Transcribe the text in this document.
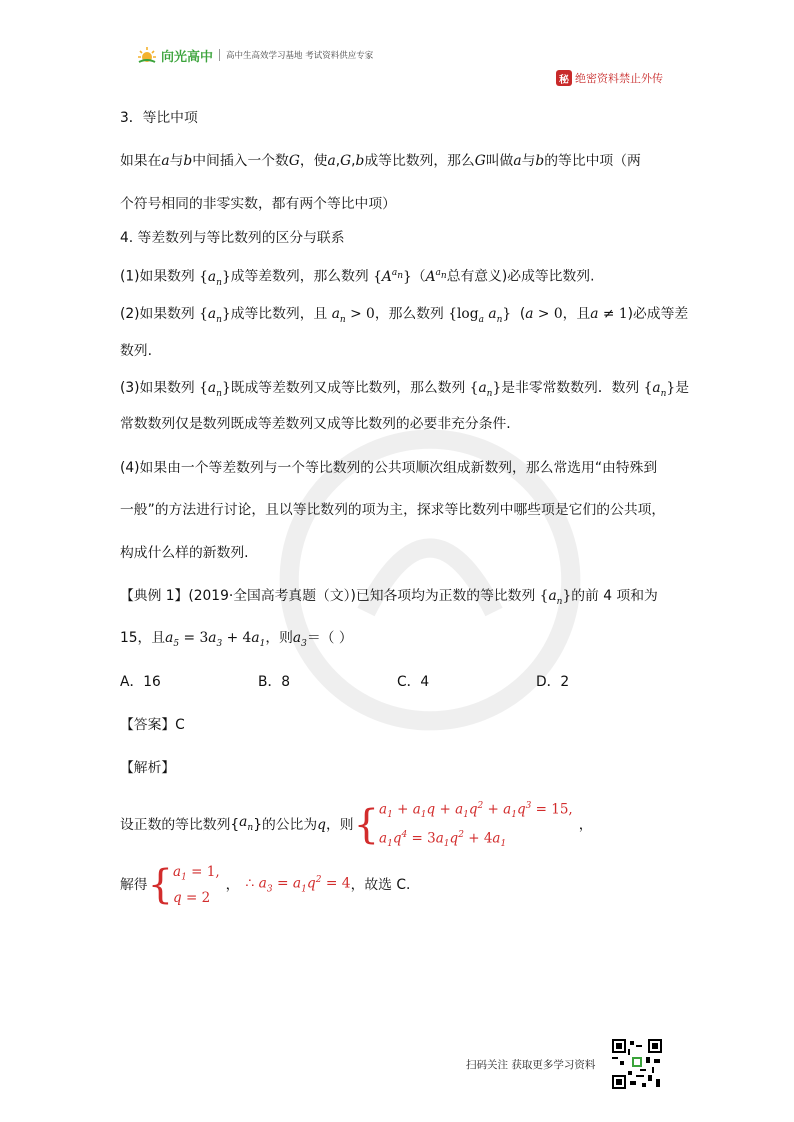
向光高中 高中生高效学习基地 考试资料供应专家
秘 绝密资料禁止外传
3．等比中项
如果在a与b中间插入一个数G，使a,G,b成等比数列，那么G叫做a与b的等比中项（两
个符号相同的非零实数，都有两个等比中项）
4. 等差数列与等比数列的区分与联系
(1)如果数列 $\{a_n\}$成等差数列，那么数列 $\{A^{a_n}\}(A^{a_n}$总有意义)必成等比数列.
(2)如果数列 $\{a_n\}$成等比数列，且 $a_n > 0$，那么数列 {$\log_a$ $a_n$}  (a > 0，且a ≠ 1)必成等差
数列.
(3)如果数列 $\{a_n\}$既成等差数列又成等比数列，那么数列 $\{a_n\}$是非零常数数列．数列 $\{a_n\}$是
常数数列仅是数列既成等差数列又成等比数列的必要非充分条件.
(4)如果由一个等差数列与一个等比数列的公共项顺次组成新数列，那么常选用“由特殊到
一般”的方法进行讨论，且以等比数列的项为主，探求等比数列中哪些项是它们的公共项，
构成什么样的新数列.
【典例 1】(2019·全国高考真题（文）)已知各项均为正数的等比数列 $\{a_n\}$的前 4 项和为
15，且$a_5 = 3a_3 + 4a_1$，则$a_3=$（ ）
A．16	B．8	C．4	D．2
【答案】C
【解析】
设正数的等比数列{ $a_n$ }的公比为 q ，则 { $a_1 + a_1q + a_1q^2 + a_1q^3 = 15$,
$a_1q^4 = 3a_1q^2 + 4a_1$
，
解得 { $a_1 = 1$,
q = 2
， ∴ $a_3 = a_1q^2 = 4$ ，故选 C.
扫码关注 获取更多学习资料
